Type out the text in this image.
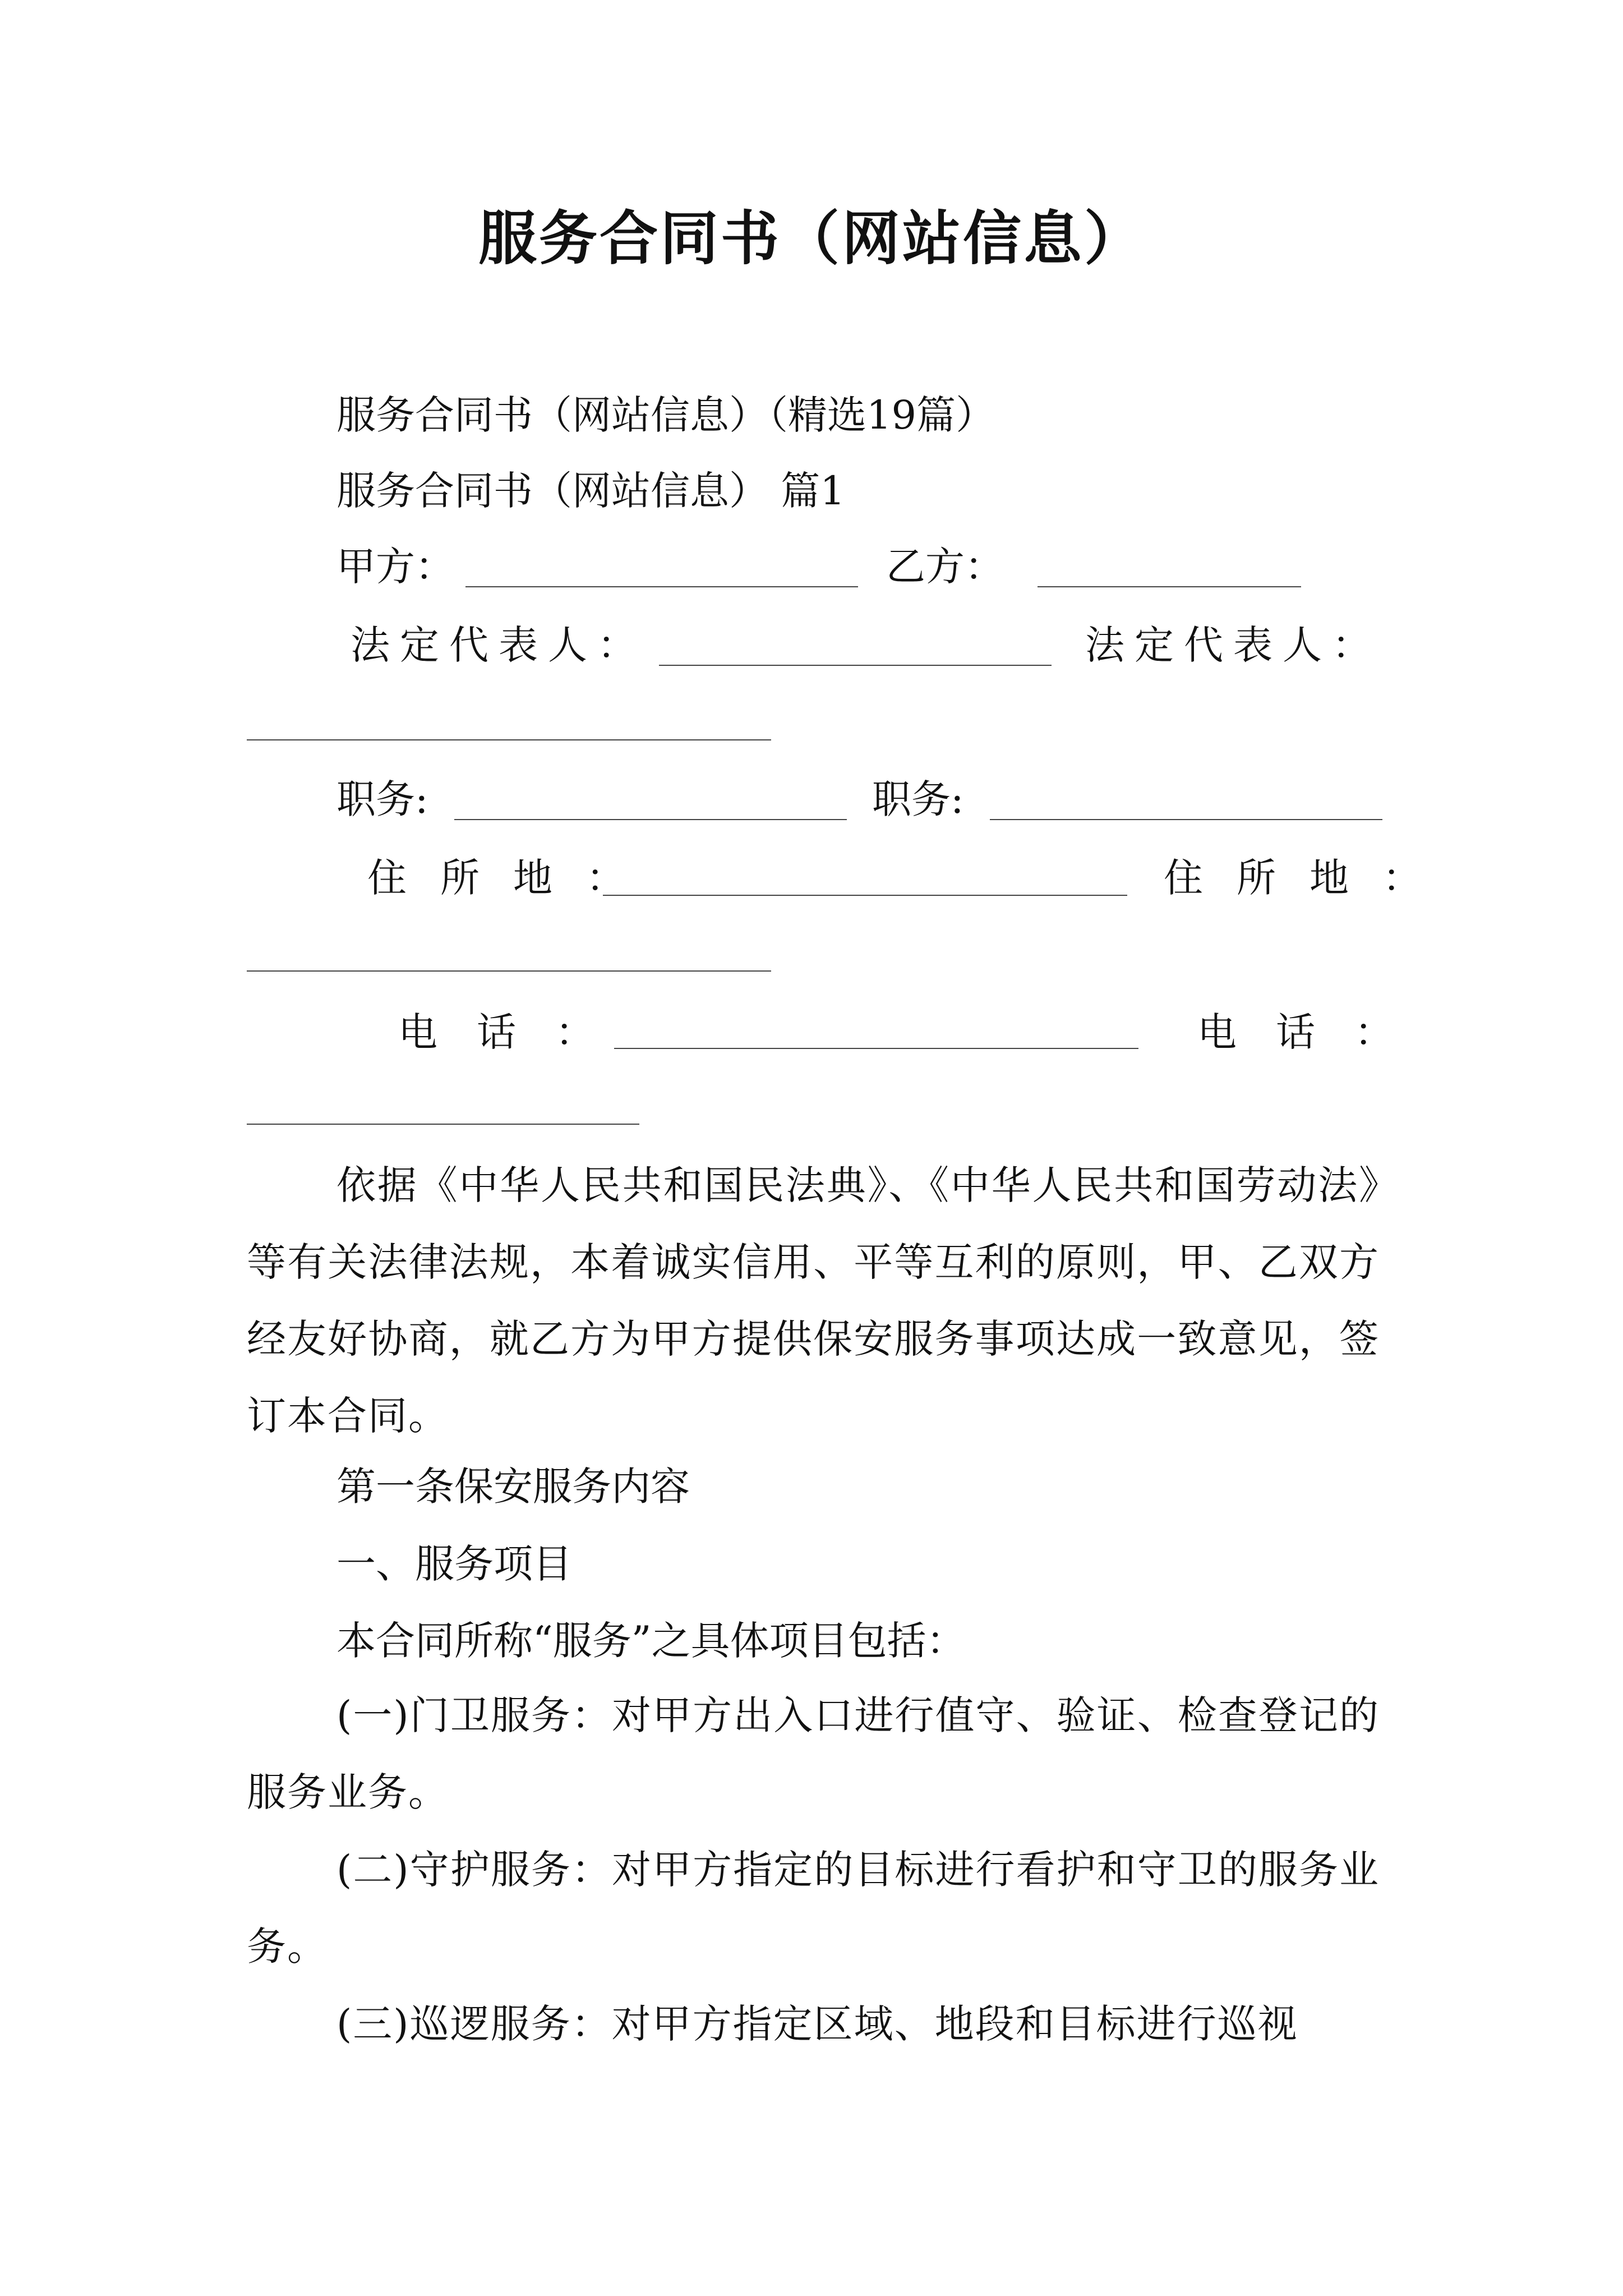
服务合同书（网站信息）
服务合同书（网站信息）（精选19篇）
服务合同书（网站信息） 篇1
甲方：	乙方：
法定代表人：	法定代表人：
职务:	职务:
住所地：	住所地：
电话：	电话：
依据《中华人民共和国民法典》、《中华人民共和国劳动法》等有关法律法规，本着诚实信用、平等互利的原则，甲、乙双方经友好协商，就乙方为甲方提供保安服务事项达成一致意见，签订本合同。
第一条保安服务内容
一、服务项目
本合同所称“服务”之具体项目包括：
(一)门卫服务：对甲方出入口进行值守、验证、检查登记的服务业务。
(二)守护服务：对甲方指定的目标进行看护和守卫的服务业务。
(三)巡逻服务：对甲方指定区域、地段和目标进行巡视
